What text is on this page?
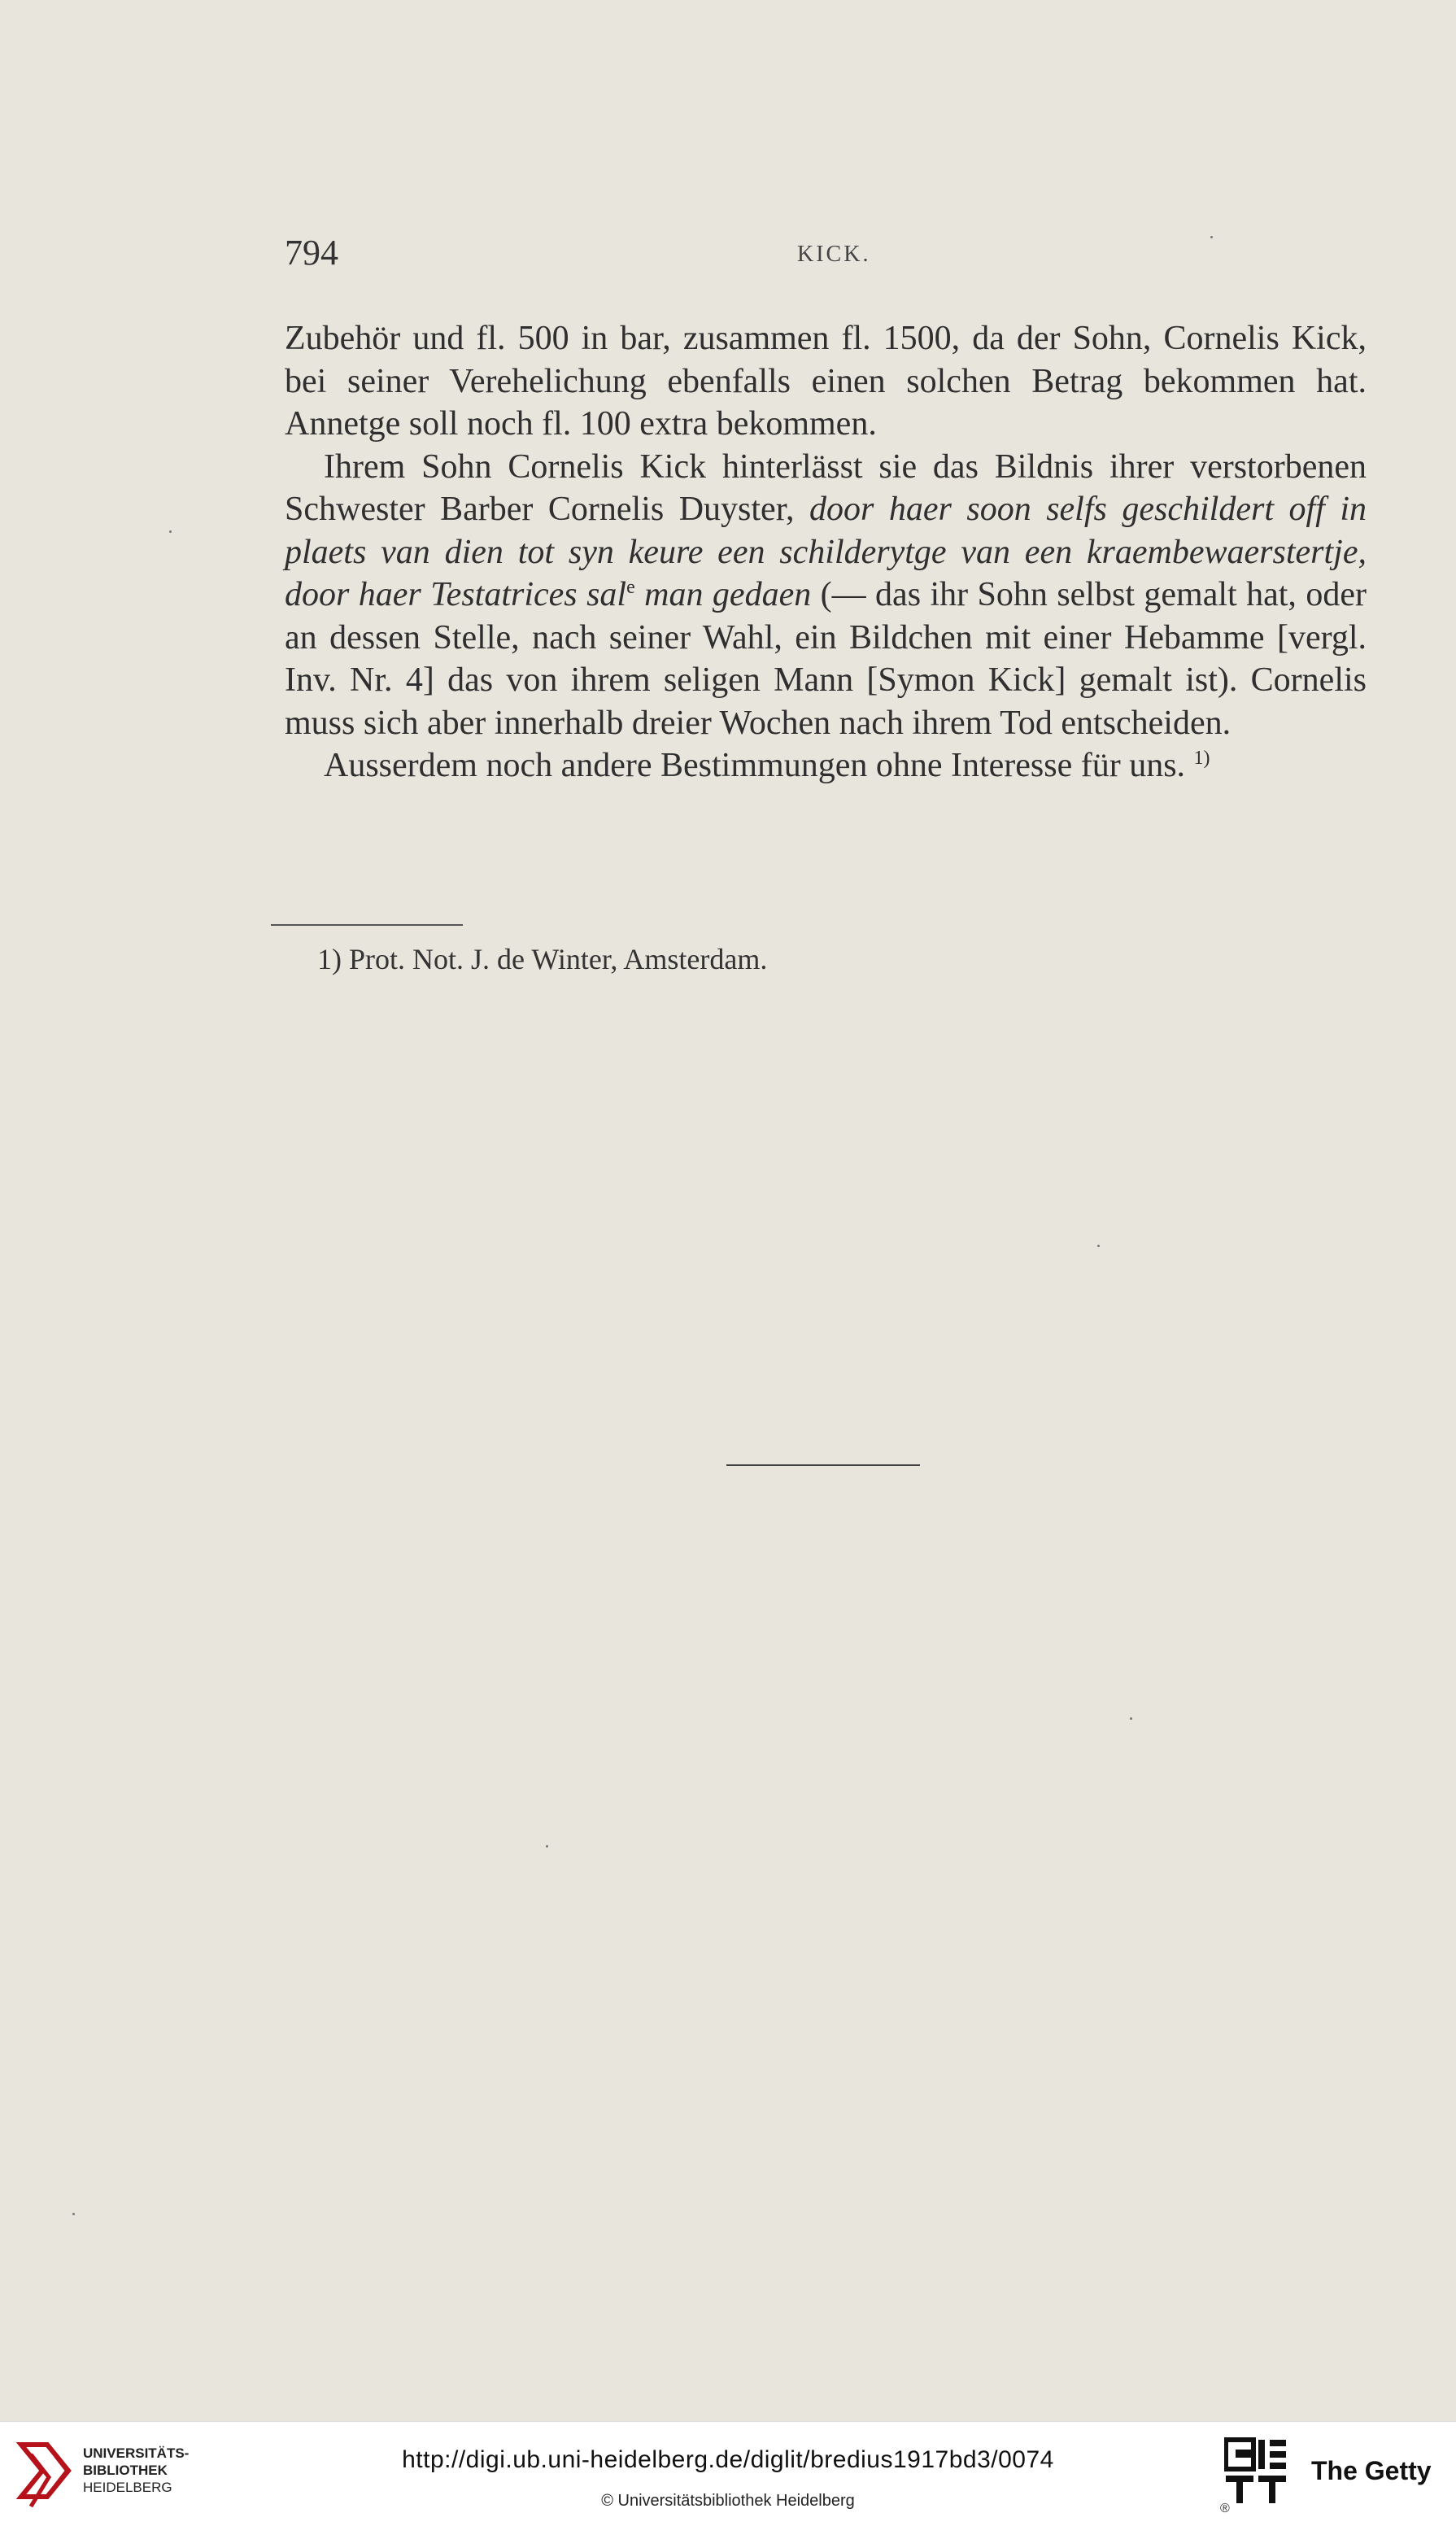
794	KICK.

Zubehör und fl. 500 in bar, zusammen fl. 1500, da der Sohn, Cornelis Kick, bei seiner Verehelichung ebenfalls einen solchen Betrag bekommen hat. Annetge soll noch fl. 100 extra bekommen.

Ihrem Sohn Cornelis Kick hinterlässt sie das Bildnis ihrer verstorbenen Schwester Barber Cornelis Duyster, door haer soon selfs geschildert off in plaets van dien tot syn keure een schilderytge van een kraembewaerstertje, door haer Testatrices sal$^e$ man gedaen (— das ihr Sohn selbst gemalt hat, oder an dessen Stelle, nach seiner Wahl, ein Bildchen mit einer Hebamme [vergl. Inv. Nr. 4] das von ihrem seligen Mann [Symon Kick] gemalt ist). Cornelis muss sich aber innerhalb dreier Wochen nach ihrem Tod entscheiden.

Ausserdem noch andere Bestimmungen ohne Interesse für uns. $^{1)}$

1) Prot. Not. J. de Winter, Amsterdam.
UNIVERSITÄTS-
BIBLIOTHEK
HEIDELBERG
http://digi.ub.uni-heidelberg.de/diglit/bredius1917bd3/0074
© Universitätsbibliothek Heidelberg	®
The Getty
